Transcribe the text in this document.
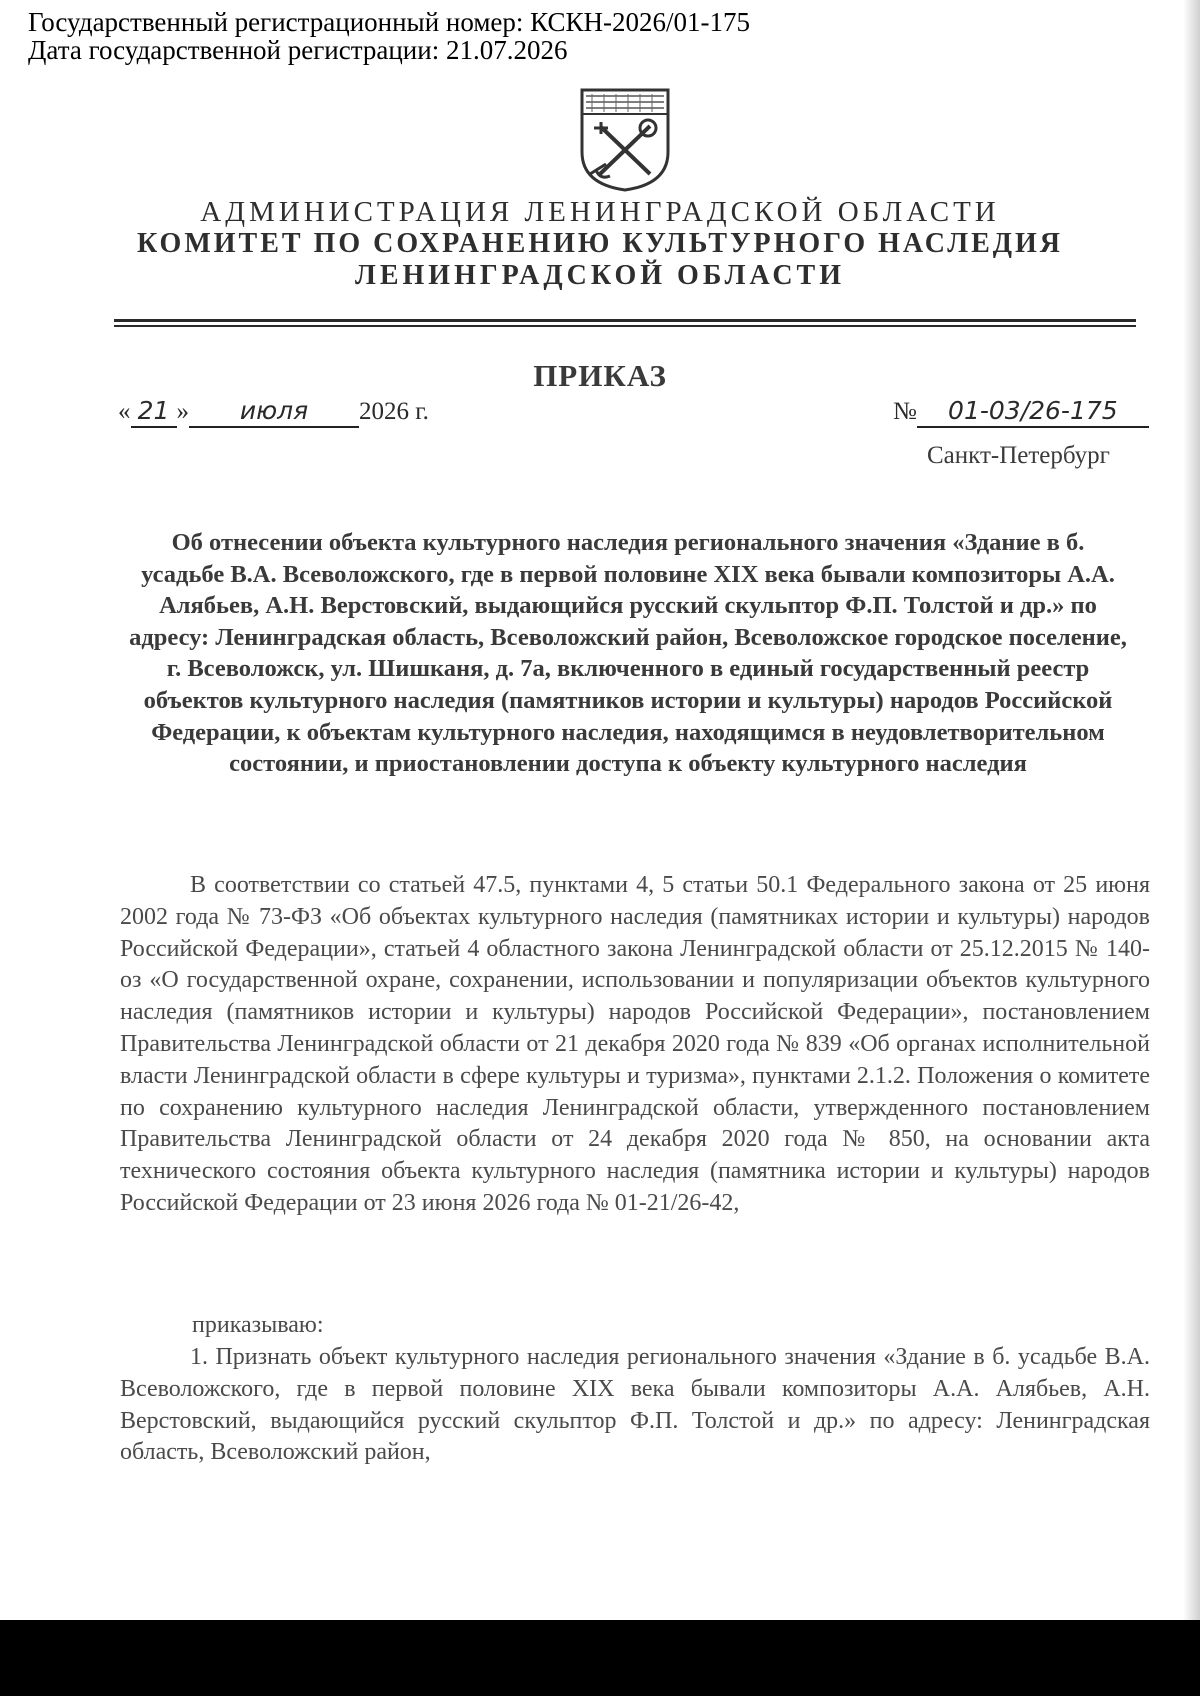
Государственный регистрационный номер: КСКН-2026/01-175
Дата государственной регистрации: 21.07.2026
АДМИНИСТРАЦИЯ ЛЕНИНГРАДСКОЙ ОБЛАСТИ
КОМИТЕТ ПО СОХРАНЕНИЮ КУЛЬТУРНОГО НАСЛЕДИЯ
ЛЕНИНГРАДСКОЙ ОБЛАСТИ
ПРИКАЗ
« 21 » июля 2026 г.	№ 01-03/26-175
Санкт-Петербург
Об отнесении объекта культурного наследия регионального значения «Здание в б. усадьбе В.А. Всеволожского, где в первой половине XIX века бывали композиторы А.А. Алябьев, А.Н. Верстовский, выдающийся русский скульптор Ф.П. Толстой и др.» по адресу: Ленинградская область, Всеволожский район, Всеволожское городское поселение, г. Всеволожск, ул. Шишканя, д. 7а, включенного в единый государственный реестр объектов культурного наследия (памятников истории и культуры) народов Российской Федерации, к объектам культурного наследия, находящимся в неудовлетворительном состоянии, и приостановлении доступа к объекту культурного наследия
В соответствии со статьей 47.5, пунктами 4, 5 статьи 50.1 Федерального закона от 25 июня 2002 года № 73-ФЗ «Об объектах культурного наследия (памятниках истории и культуры) народов Российской Федерации», статьей 4 областного закона Ленинградской области от 25.12.2015 № 140-оз «О государственной охране, сохранении, использовании и популяризации объектов культурного наследия (памятников истории и культуры) народов Российской Федерации», постановлением Правительства Ленинградской области от 21 декабря 2020 года № 839 «Об органах исполнительной власти Ленинградской области в сфере культуры и туризма», пунктами 2.1.2. Положения о комитете по сохранению культурного наследия Ленинградской области, утвержденного постановлением Правительства Ленинградской области от 24 декабря 2020 года № 850, на основании акта технического состояния объекта культурного наследия (памятника истории и культуры) народов Российской Федерации от 23 июня 2026 года № 01-21/26-42,
приказываю:
1. Признать объект культурного наследия регионального значения «Здание в б. усадьбе В.А. Всеволожского, где в первой половине XIX века бывали композиторы А.А. Алябьев, А.Н. Верстовский, выдающийся русский скульптор Ф.П. Толстой и др.» по адресу: Ленинградская область, Всеволожский район,
